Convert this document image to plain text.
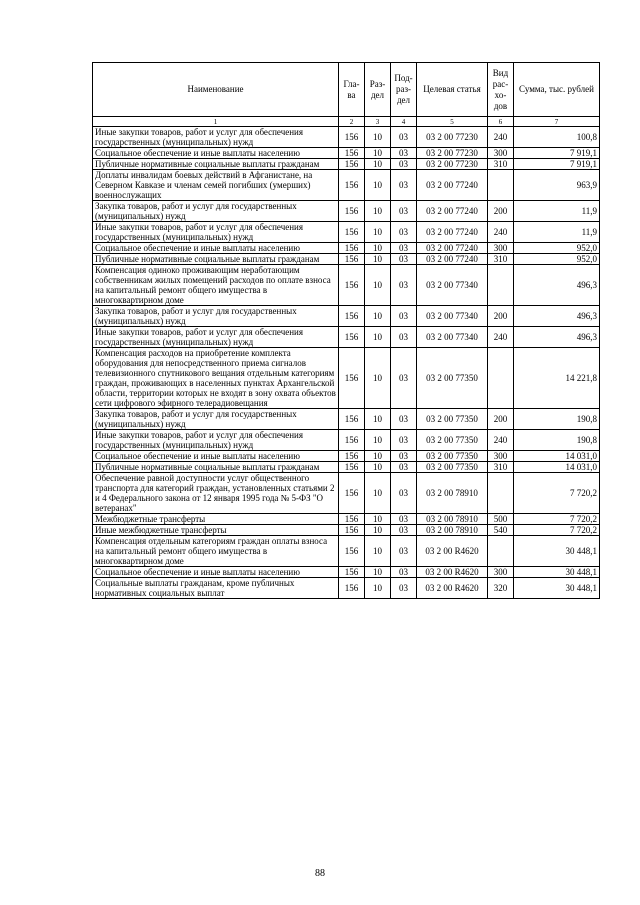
Наименование	Гла-ва	Раз-дел	Под-раз-дел	Целевая статья	Вид рас-хо-дов	Сумма, тыс. рублей
1	2	3	4	5	6	7
Иные закупки товаров, работ и услуг для обеспечения государственных (муниципальных) нужд	156	10	03	03 2 00 77230	240	100,8
Социальное обеспечение и иные выплаты населению	156	10	03	03 2 00 77230	300	7 919,1
Публичные нормативные социальные выплаты гражданам	156	10	03	03 2 00 77230	310	7 919,1
Доплаты инвалидам боевых действий в Афганистане, на Северном Кавказе и членам семей погибших (умерших) военнослужащих	156	10	03	03 2 00 77240		963,9
Закупка товаров, работ и услуг для государственных (муниципальных) нужд	156	10	03	03 2 00 77240	200	11,9
Иные закупки товаров, работ и услуг для обеспечения государственных (муниципальных) нужд	156	10	03	03 2 00 77240	240	11,9
Социальное обеспечение и иные выплаты населению	156	10	03	03 2 00 77240	300	952,0
Публичные нормативные социальные выплаты гражданам	156	10	03	03 2 00 77240	310	952,0
Компенсация одиноко проживающим неработающим собственникам жилых помещений расходов по оплате взноса на капитальный ремонт общего имущества в многоквартирном доме	156	10	03	03 2 00 77340		496,3
Закупка товаров, работ и услуг для государственных (муниципальных) нужд	156	10	03	03 2 00 77340	200	496,3
Иные закупки товаров, работ и услуг для обеспечения государственных (муниципальных) нужд	156	10	03	03 2 00 77340	240	496,3
Компенсация расходов на приобретение комплекта оборудования для непосредственного приема сигналов телевизионного спутникового вещания отдельным категориям граждан, проживающих в населенных пунктах Архангельской области, территории которых не входят в зону охвата объектов сети цифрового эфирного телерадиовещания	156	10	03	03 2 00 77350		14 221,8
Закупка товаров, работ и услуг для государственных (муниципальных) нужд	156	10	03	03 2 00 77350	200	190,8
Иные закупки товаров, работ и услуг для обеспечения государственных (муниципальных) нужд	156	10	03	03 2 00 77350	240	190,8
Социальное обеспечение и иные выплаты населению	156	10	03	03 2 00 77350	300	14 031,0
Публичные нормативные социальные выплаты гражданам	156	10	03	03 2 00 77350	310	14 031,0
Обеспечение равной доступности услуг общественного транспорта для категорий граждан, установленных статьями 2 и 4 Федерального закона от 12 января 1995 года № 5-ФЗ "О ветеранах"	156	10	03	03 2 00 78910		7 720,2
Межбюджетные трансферты	156	10	03	03 2 00 78910	500	7 720,2
Иные межбюджетные трансферты	156	10	03	03 2 00 78910	540	7 720,2
Компенсация отдельным категориям граждан оплаты взноса на капитальный ремонт общего имущества в многоквартирном доме	156	10	03	03 2 00 R4620		30 448,1
Социальное обеспечение и иные выплаты населению	156	10	03	03 2 00 R4620	300	30 448,1
Социальные выплаты гражданам, кроме публичных нормативных социальных выплат	156	10	03	03 2 00 R4620	320	30 448,1
88
